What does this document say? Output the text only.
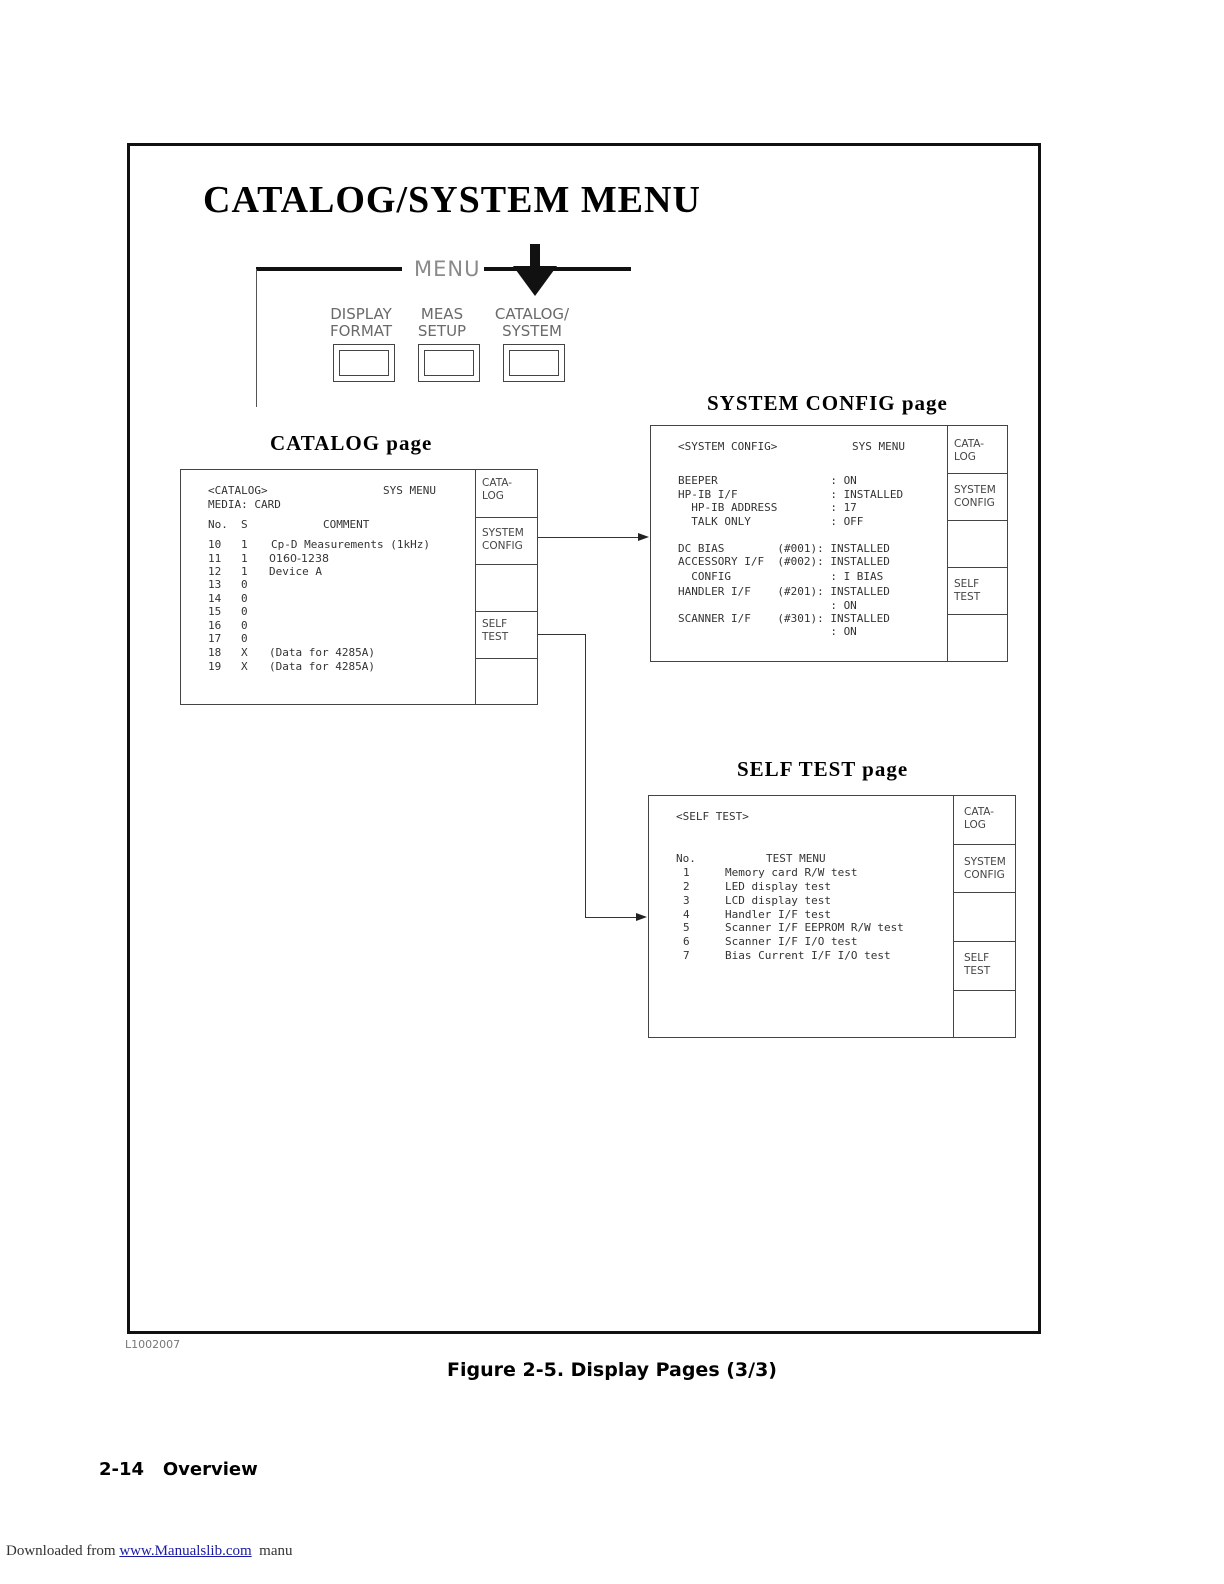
CATALOG/SYSTEM MENU
MENU
DISPLAY
FORMAT
MEAS
SETUP
CATALOG/
SYSTEM
CATALOG page
SYSTEM CONFIG page
SELF TEST page
<CATALOG>	SYS MENU
MEDIA: CARD
No. S	COMMENT
10 1 Cp-D Measurements (1kHz)
11 1 0160-1238
12 1 Device A
13 0
14 0
15 0
16 0
17 0
18 X (Data for 4285A)
19 X (Data for 4285A)
CATA-
LOG
SYSTEM
CONFIG
SELF
TEST
<SYSTEM CONFIG>	SYS MENU
BEEPER                 : ON
HP-IB I/F              : INSTALLED
HP-IB ADDRESS        : 17
TALK ONLY            : OFF
DC BIAS        (#001): INSTALLED
ACCESSORY I/F  (#002): INSTALLED
CONFIG               : I BIAS
HANDLER I/F    (#201): INSTALLED
: ON
SCANNER I/F    (#301): INSTALLED
: ON
CATA-
LOG
SYSTEM
CONFIG
SELF
TEST
<SELF TEST>
No.	TEST MENU
1	Memory card R/W test
2	LED display test
3	LCD display test
4	Handler I/F test
5	Scanner I/F EEPROM R/W test
6	Scanner I/F I/O test
7	Bias Current I/F I/O test
CATA-
LOG
SYSTEM
CONFIG
SELF
TEST
L1002007
Figure 2-5. Display Pages (3/3)
2-14 Overview
Downloaded from www.Manualslib.com manu
